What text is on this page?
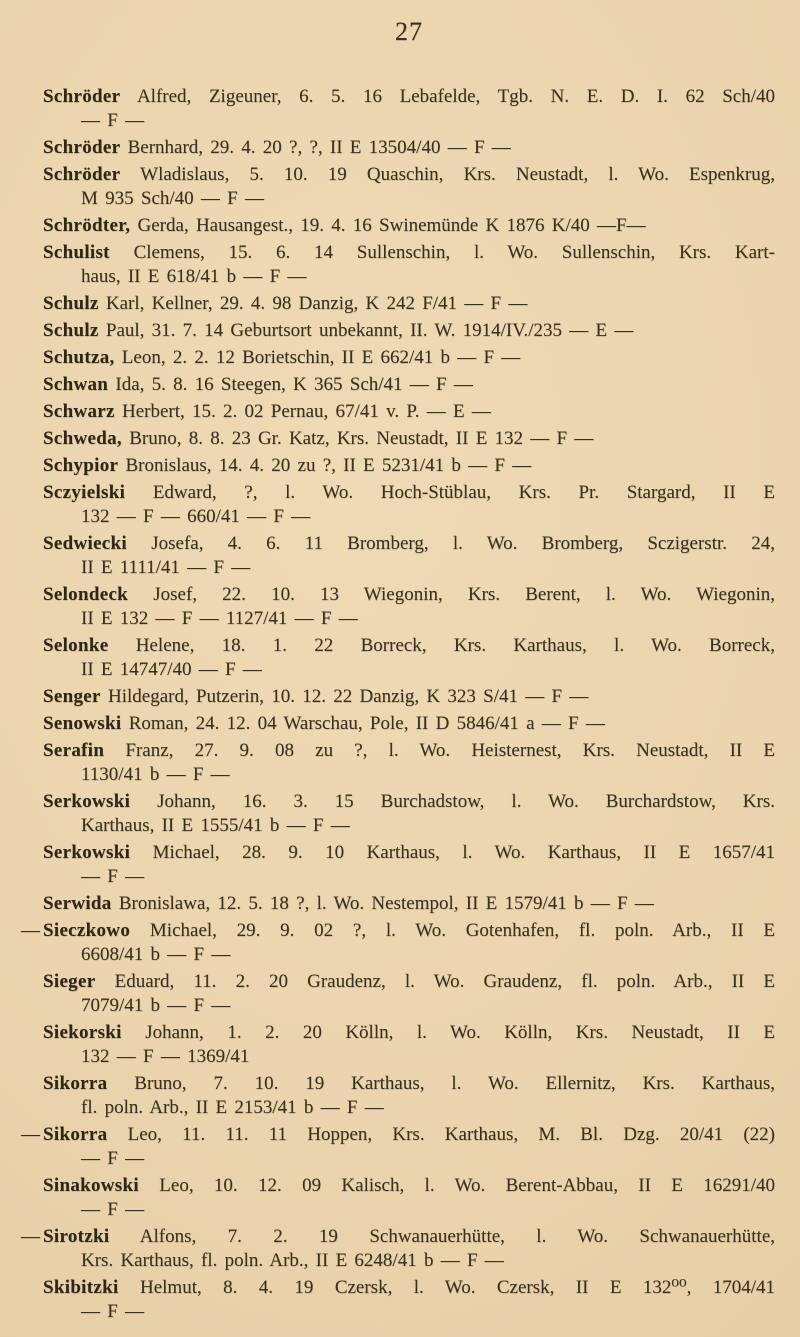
27
Schröder Alfred, Zigeuner, 6. 5. 16 Lebafelde, Tgb. N. E. D. I. 62 Sch/40
— F —
Schröder Bernhard, 29. 4. 20 ?, ?, II E 13504/40 — F —
Schröder Wladislaus, 5. 10. 19 Quaschin, Krs. Neustadt, l. Wo. Espenkrug,
M 935 Sch/40 — F —
Schrödter, Gerda, Hausangest., 19. 4. 16 Swinemünde K 1876 K/40 —F—
Schulist Clemens, 15. 6. 14 Sullenschin, l. Wo. Sullenschin, Krs. Kart-
haus, II E 618/41 b — F —
Schulz Karl, Kellner, 29. 4. 98 Danzig, K 242 F/41 — F —
Schulz Paul, 31. 7. 14 Geburtsort unbekannt, II. W. 1914/IV./235 — E —
Schutza, Leon, 2. 2. 12 Borietschin, II E 662/41 b — F —
Schwan Ida, 5. 8. 16 Steegen, K 365 Sch/41 — F —
Schwarz Herbert, 15. 2. 02 Pernau, 67/41 v. P. — E —
Schweda, Bruno, 8. 8. 23 Gr. Katz, Krs. Neustadt, II E 132 — F —
Schypior Bronislaus, 14. 4. 20 zu ?, II E 5231/41 b — F —
Sczyielski Edward, ?, l. Wo. Hoch-Stüblau, Krs. Pr. Stargard, II E
132 — F — 660/41 — F —
Sedwiecki Josefa, 4. 6. 11 Bromberg, l. Wo. Bromberg, Sczigerstr. 24,
II E 1111/41 — F —
Selondeck Josef, 22. 10. 13 Wiegonin, Krs. Berent, l. Wo. Wiegonin,
II E 132 — F — 1127/41 — F —
Selonke Helene, 18. 1. 22 Borreck, Krs. Karthaus, l. Wo. Borreck,
II E 14747/40 — F —
Senger Hildegard, Putzerin, 10. 12. 22 Danzig, K 323 S/41 — F —
Senowski Roman, 24. 12. 04 Warschau, Pole, II D 5846/41 a — F —
Serafin Franz, 27. 9. 08 zu ?, l. Wo. Heisternest, Krs. Neustadt, II E
1130/41 b — F —
Serkowski Johann, 16. 3. 15 Burchadstow, l. Wo. Burchardstow, Krs.
Karthaus, II E 1555/41 b — F —
Serkowski Michael, 28. 9. 10 Karthaus, l. Wo. Karthaus, II E 1657/41
— F —
Serwida Bronislawa, 12. 5. 18 ?, l. Wo. Nestempol, II E 1579/41 b — F —
— Sieczkowo Michael, 29. 9. 02 ?, l. Wo. Gotenhafen, fl. poln. Arb., II E
6608/41 b — F —
Sieger Eduard, 11. 2. 20 Graudenz, l. Wo. Graudenz, fl. poln. Arb., II E
7079/41 b — F —
Siekorski Johann, 1. 2. 20 Kölln, l. Wo. Kölln, Krs. Neustadt, II E
132 — F — 1369/41
Sikorra Bruno, 7. 10. 19 Karthaus, l. Wo. Ellernitz, Krs. Karthaus,
fl. poln. Arb., II E 2153/41 b — F —
— Sikorra Leo, 11. 11. 11 Hoppen, Krs. Karthaus, M. Bl. Dzg. 20/41 (22)
— F —
Sinakowski Leo, 10. 12. 09 Kalisch, l. Wo. Berent-Abbau, II E 16291/40
— F —
— Sirotzki Alfons, 7. 2. 19 Schwanauerhütte, l. Wo. Schwanauerhütte,
Krs. Karthaus, fl. poln. Arb., II E 6248/41 b — F —
Skibitzki Helmut, 8. 4. 19 Czersk, l. Wo. Czersk, II E 132⁰⁰, 1704/41
— F —
